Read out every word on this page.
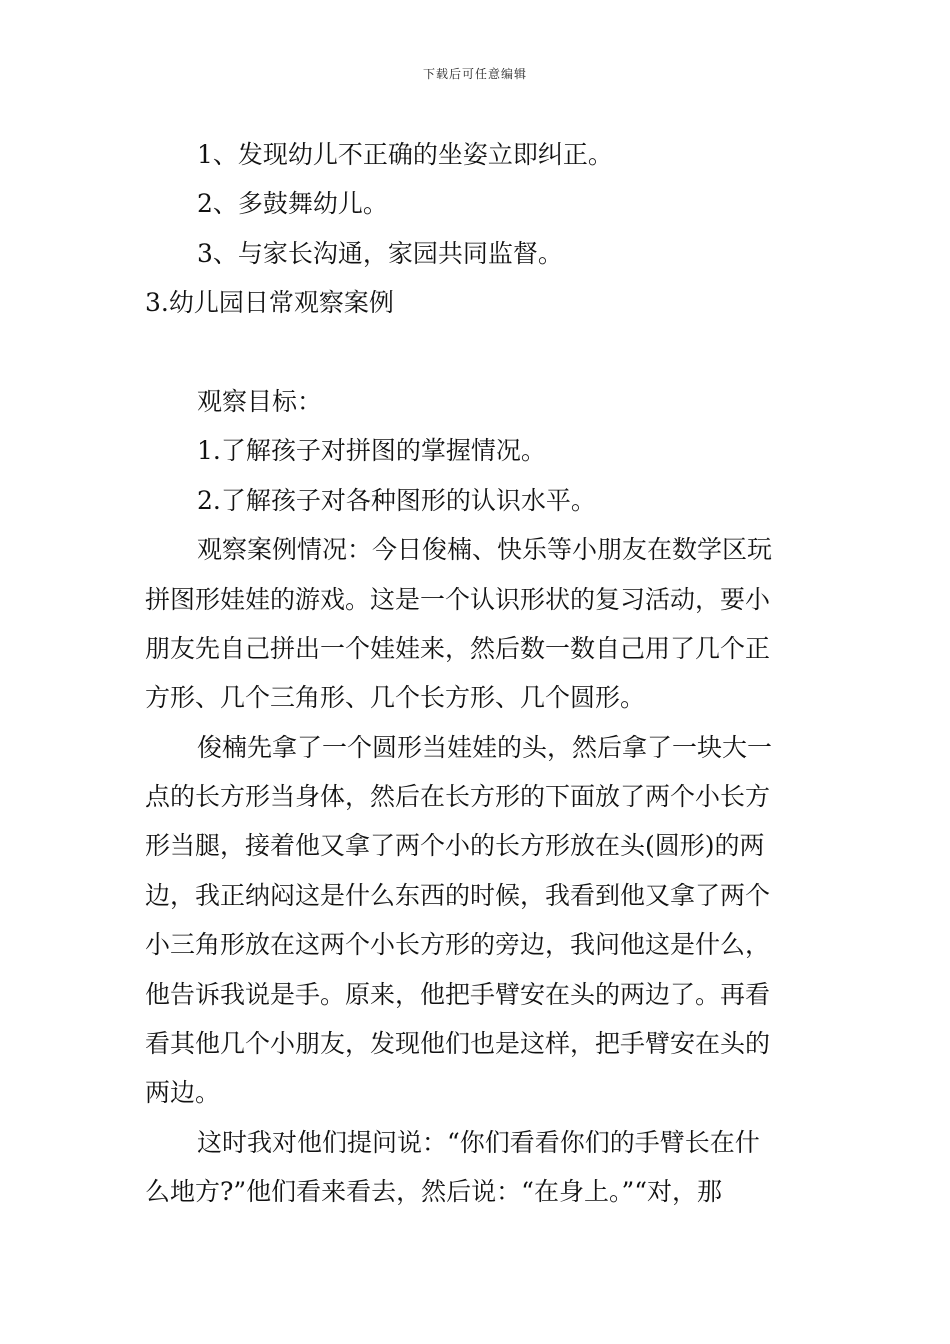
下载后可任意编辑
1、发现幼儿不正确的坐姿立即纠正。
2、多鼓舞幼儿。
3、与家长沟通，家园共同监督。
3.幼儿园日常观察案例
观察目标：
1.了解孩子对拼图的掌握情况。
2.了解孩子对各种图形的认识水平。
观察案例情况：今日俊楠、快乐等小朋友在数学区玩
拼图形娃娃的游戏。这是一个认识形状的复习活动，要小
朋友先自己拼出一个娃娃来，然后数一数自己用了几个正
方形、几个三角形、几个长方形、几个圆形。
俊楠先拿了一个圆形当娃娃的头，然后拿了一块大一
点的长方形当身体，然后在长方形的下面放了两个小长方
形当腿，接着他又拿了两个小的长方形放在头(圆形)的两
边，我正纳闷这是什么东西的时候，我看到他又拿了两个
小三角形放在这两个小长方形的旁边，我问他这是什么，
他告诉我说是手。原来，他把手臂安在头的两边了。再看
看其他几个小朋友，发现他们也是这样，把手臂安在头的
两边。
这时我对他们提问说：“你们看看你们的手臂长在什
么地方?”他们看来看去，然后说：“在身上。”“对，那
